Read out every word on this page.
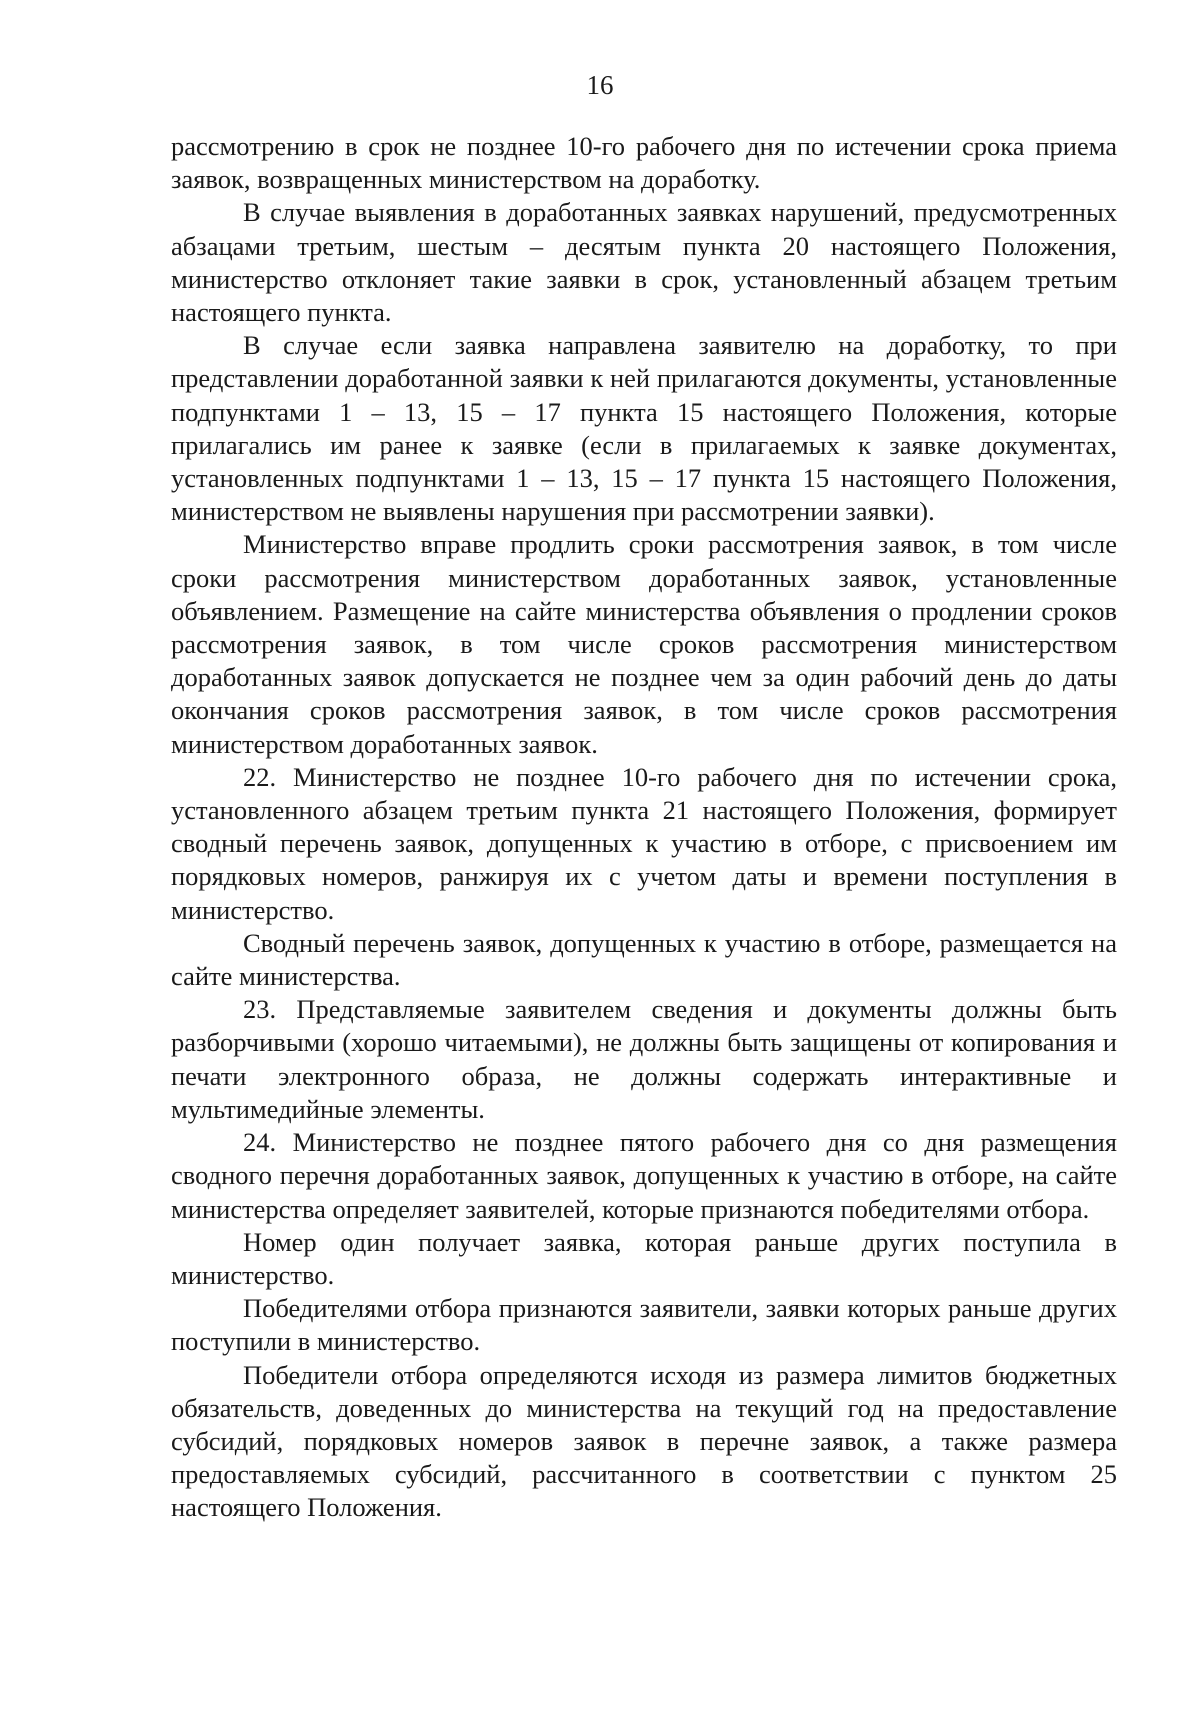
16

рассмотрению в срок не позднее 10-го рабочего дня по истечении срока приема заявок, возвращенных министерством на доработку.

В случае выявления в доработанных заявках нарушений, предусмотренных абзацами третьим, шестым – десятым пункта 20 настоящего Положения, министерство отклоняет такие заявки в срок, установленный абзацем третьим настоящего пункта.

В случае если заявка направлена заявителю на доработку, то при представлении доработанной заявки к ней прилагаются документы, установленные подпунктами 1 – 13, 15 – 17 пункта 15 настоящего Положения, которые прилагались им ранее к заявке (если в прилагаемых к заявке документах, установленных подпунктами 1 – 13, 15 – 17 пункта 15 настоящего Положения, министерством не выявлены нарушения при рассмотрении заявки).

Министерство вправе продлить сроки рассмотрения заявок, в том числе сроки рассмотрения министерством доработанных заявок, установленные объявлением. Размещение на сайте министерства объявления о продлении сроков рассмотрения заявок, в том числе сроков рассмотрения министерством доработанных заявок допускается не позднее чем за один рабочий день до даты окончания сроков рассмотрения заявок, в том числе сроков рассмотрения министерством доработанных заявок.

22. Министерство не позднее 10-го рабочего дня по истечении срока, установленного абзацем третьим пункта 21 настоящего Положения, формирует сводный перечень заявок, допущенных к участию в отборе, с присвоением им порядковых номеров, ранжируя их с учетом даты и времени поступления в министерство.

Сводный перечень заявок, допущенных к участию в отборе, размещается на сайте министерства.

23. Представляемые заявителем сведения и документы должны быть разборчивыми (хорошо читаемыми), не должны быть защищены от копирования и печати электронного образа, не должны содержать интерактивные и мультимедийные элементы.

24. Министерство не позднее пятого рабочего дня со дня размещения сводного перечня доработанных заявок, допущенных к участию в отборе, на сайте министерства определяет заявителей, которые признаются победителями отбора.

Номер один получает заявка, которая раньше других поступила в министерство.

Победителями отбора признаются заявители, заявки которых раньше других поступили в министерство.

Победители отбора определяются исходя из размера лимитов бюджетных обязательств, доведенных до министерства на текущий год на предоставление субсидий, порядковых номеров заявок в перечне заявок, а также размера предоставляемых субсидий, рассчитанного в соответствии с пунктом 25 настоящего Положения.
